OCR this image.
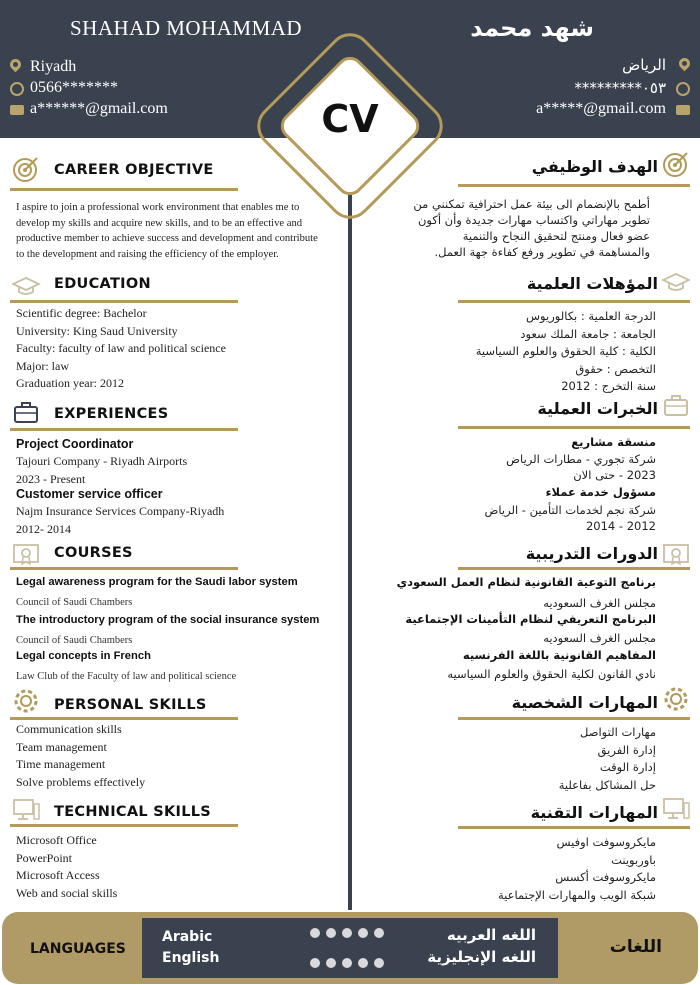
SHAHAD MOHAMMAD	شهد محمد
Riyadh
0566*******
a******@gmail.com
الرياض
٠٥٣*********
a*****@gmail.com
CV
CAREER OBJECTIVE
I aspire to join a professional work environment that enables me to
develop my skills and acquire new skills, and to be an effective and
productive member to achieve success and development and contribute
to the development and raising the efficiency of the employer.
EDUCATION
Scientific degree: Bachelor
University: King Saud University
Faculty: faculty of law and political science
Major: law
Graduation year: 2012
EXPERIENCES
Project Coordinator
Tajouri Company - Riyadh Airports
2023 - Present
Customer service officer
Najm Insurance Services Company-Riyadh
2012- 2014
COURSES
Legal awareness program for the Saudi labor system
Council of Saudi Chambers
The introductory program of the social insurance system
Council of Saudi Chambers
Legal concepts in French
Law Club of the Faculty of law and political science
PERSONAL SKILLS
Communication skills
Team management
Time management
Solve problems effectively
TECHNICAL SKILLS
Microsoft Office
PowerPoint
Microsoft Access
Web and social skills
الهدف الوظيفي
أطمح بالإنضمام الى بيئة عمل احترافية تمكنني من
تطوير مهاراتي واكتساب مهارات جديدة وأن أكون
عضو فعال ومنتج لتحقيق النجاح والتنمية
والمساهمة في تطوير ورفع كفاءة جهة العمل.
المؤهلات العلمية
الدرجة العلمية : بكالوريوس
الجامعة : جامعة الملك سعود
الكلية : كلية الحقوق والعلوم السياسية
التخصص : حقوق
سنة التخرج : 2012
الخبرات العملية
منسقة مشاريع
شركة تجوري - مطارات الرياض
2023 - حتى الان
مسؤول خدمة عملاء
شركة نجم لخدمات التأمين - الرياض
2012 - 2014
الدورات التدريبية
برنامج التوعية القانونية لنظام العمل السعودي
مجلس الغرف السعوديه
البرنامج التعريفي لنظام التأمينات الإجتماعية
مجلس الغرف السعوديه
المفاهيم القانونية باللغة الفرنسيه
نادي القانون لكلية الحقوق والعلوم السياسيه
المهارات الشخصية
مهارات التواصل
إدارة الفريق
إدارة الوقت
حل المشاكل بفاعلية
المهارات التقنية
مايكروسوفت اوفيس
باوربوينت
مايكروسوفت أكسس
شبكة الويب والمهارات الإجتماعية
LANGUAGES	اللغات
Arabic
English
اللغه العربيه
اللغه الإنجليزية
